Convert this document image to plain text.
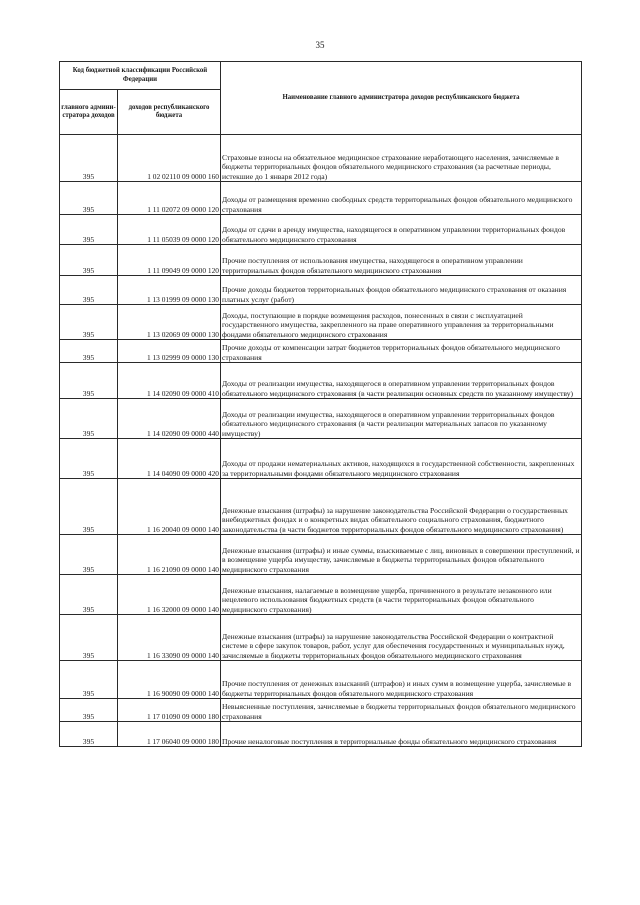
35
Код бюджетной классификации Российской Федерации		Наименование главного администратора доходов республиканского бюджета
главного админи-стратора доходов	доходов республиканского бюджета	
395	1 02 02110 09 0000 160	Страховые взносы на обязательное медицинское страхование неработающего населения, зачисляемые в бюджеты территориальных фондов обязательного медицинского страхования (за расчетные периоды, истекшие до 1 января 2012 года)
395	1 11 02072 09 0000 120	Доходы от размещения временно свободных средств территориальных фондов обязательного медицинского страхования
395	1 11 05039 09 0000 120	Доходы от сдачи в аренду имущества, находящегося в оперативном управлении территориальных фондов обязательного медицинского страхования
395	1 11 09049 09 0000 120	Прочие поступления от использования имущества, находящегося в оперативном управлении территориальных фондов обязательного медицинского страхования
395	1 13 01999 09 0000 130	Прочие доходы бюджетов территориальных фондов обязательного медицинского страхования от оказания платных услуг (работ)
395	1 13 02069 09 0000 130	Доходы, поступающие в порядке возмещения расходов, понесенных в связи с эксплуатацией государственного имущества, закрепленного на праве оперативного управления за территориальными фондами обязательного медицинского страхования
395	1 13 02999 09 0000 130	Прочие доходы от компенсации затрат бюджетов территориальных фондов обязательного медицинского страхования
395	1 14 02090 09 0000 410	Доходы от реализации имущества, находящегося в оперативном управлении территориальных фондов обязательного медицинского страхования (в части реализации основных средств по указанному имуществу)
395	1 14 02090 09 0000 440	Доходы от реализации имущества, находящегося в оперативном управлении территориальных фондов обязательного медицинского страхования (в части реализации материальных запасов по указанному имуществу)
395	1 14 04090 09 0000 420	Доходы от продажи нематериальных активов, находящихся в государственной собственности, закрепленных за территориальными фондами обязательного медицинского страхования
395	1 16 20040 09 0000 140	Денежные взыскания (штрафы) за нарушение законодательства Российской Федерации о государственных внебюджетных фондах и о конкретных видах обязательного социального страхования, бюджетного законодательства (в части бюджетов территориальных фондов обязательного медицинского страхования)
395	1 16 21090 09 0000 140	Денежные взыскания (штрафы) и иные суммы, взыскиваемые с лиц, виновных в совершении преступлений, и в возмещение ущерба имуществу, зачисляемые в бюджеты территориальных фондов обязательного медицинского страхования
395	1 16 32000 09 0000 140	Денежные взыскания, налагаемые в возмещение ущерба, причиненного в результате незаконного или нецелевого использования бюджетных средств (в части территориальных фондов обязательного медицинского страхования)
395	1 16 33090 09 0000 140	Денежные взыскания (штрафы) за нарушение законодательства Российской Федерации о контрактной системе в сфере закупок товаров, работ, услуг для обеспечения государственных и муниципальных нужд, зачисляемые в бюджеты территориальных фондов обязательного медицинского страхования
395	1 16 90090 09 0000 140	Прочие поступления от денежных взысканий (штрафов) и иных сумм в возмещение ущерба, зачисляемые в бюджеты территориальных фондов обязательного медицинского страхования
395	1 17 01090 09 0000 180	Невыясненные поступления, зачисляемые в бюджеты территориальных фондов обязательного медицинского страхования
395	1 17 06040 09 0000 180	Прочие неналоговые поступления в территориальные фонды обязательного медицинского страхования
